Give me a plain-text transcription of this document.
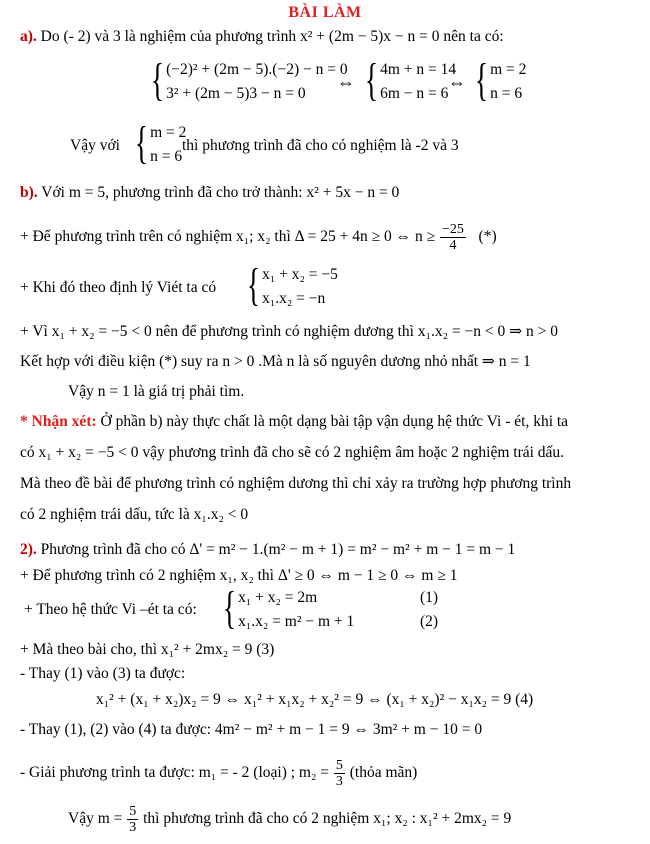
BÀI LÀM
a). Do (- 2) và 3 là nghiệm của phương trình x² + (2m − 5)x − n = 0 nên ta có:
{ (−2)² + (2m − 5).(−2) − n = 0
3² + (2m − 5)3 − n = 0
⇔ { 4m + n = 14
6m − n = 6
⇔ { m = 2
n = 6
Vậy với { m = 2
n = 6
thì phương trình đã cho có nghiệm là -2 và 3
b). Với m = 5, phương trình đã cho trở thành: x² + 5x − n = 0
+ Để phương trình trên có nghiệm x₁; x₂ thì Δ = 25 + 4n ≥ 0 ⇔ $n \ge \frac{-25}{4}$ (*)
+ Khi đó theo định lý Viét ta có { x₁ + x₂ = −5
x₁.x₂ = −n
+ Vì x₁ + x₂ = −5 < 0 nên để phương trình có nghiệm dương thì x₁.x₂ = −n < 0 ⇒ n > 0
Kết hợp với điều kiện (*) suy ra n > 0 .Mà n là số nguyên dương nhỏ nhất ⇒ n = 1
Vậy n = 1 là giá trị phải tìm.
* Nhận xét: Ở phần b) này thực chất là một dạng bài tập vận dụng hệ thức Vi - ét, khi ta
có x₁ + x₂ = −5 < 0 vậy phương trình đã cho sẽ có 2 nghiệm âm hoặc 2 nghiệm trái dấu.
Mà theo đề bài để phương trình có nghiệm dương thì chỉ xảy ra trường hợp phương trình
có 2 nghiệm trái dấu, tức là x₁.x₂ < 0
2). Phương trình đã cho có Δ' = m² − 1.(m² − m + 1) = m² − m² + m − 1 = m − 1
+ Để phương trình có 2 nghiệm x₁, x₂ thì Δ' ≥ 0 ⇔ m − 1 ≥ 0 ⇔ m ≥ 1
+ Theo hệ thức Vi –ét ta có: { x₁ + x₂ = 2m
x₁.x₂ = m² − m + 1
(1)
(2)
+ Mà theo bài cho, thì x₁² + 2mx₂ = 9 (3)
- Thay (1) vào (3) ta được:
x₁² + (x₁ + x₂)x₂ = 9 ⇔ x₁² + x₁x₂ + x₂² = 9 ⇔ (x₁ + x₂)² − x₁x₂ = 9 (4)
- Thay (1), (2) vào (4) ta được: 4m² − m² + m − 1 = 9 ⇔ 3m² + m − 10 = 0
- Giải phương trình ta được: m₁ = - 2 (loại) ; $m_2 = \frac{5}{3}$ (thỏa mãn)
Vậy $m = \frac{5}{3}$ thì phương trình đã cho có 2 nghiệm x₁; x₂ : x₁² + 2mx₂ = 9
